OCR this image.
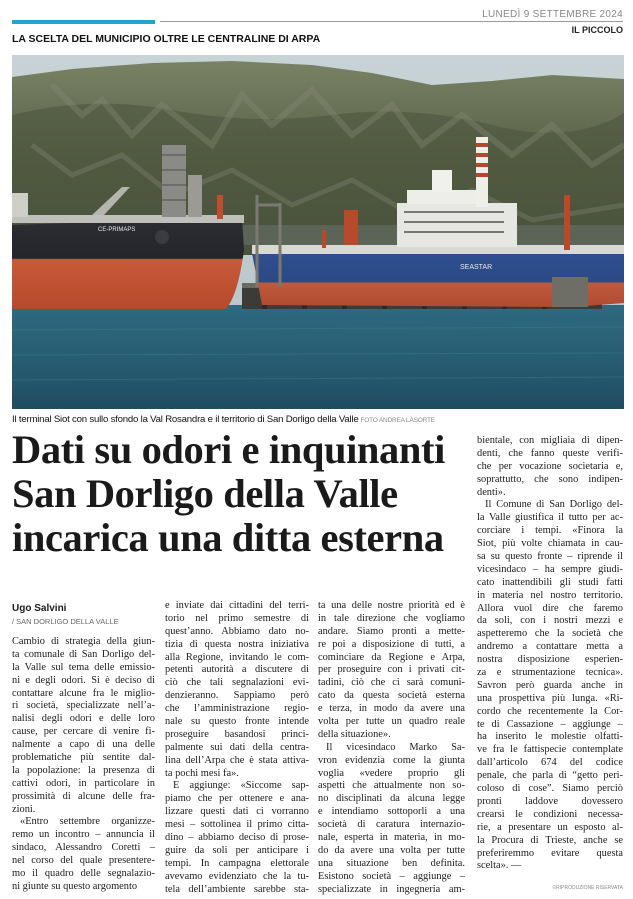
LUNEDÌ 9 SETTEMBRE 2024
IL PICCOLO
LA SCELTA DEL MUNICIPIO OLTRE LE CENTRALINE DI ARPA
SEASTAR
CE-PRIMAPS
Il terminal Siot con sullo sfondo la Val Rosandra e il territorio di San Dorligo della Valle FOTO ANDREA LASORTE
Dati su odori e inquinanti
San Dorligo della Valle
incarica una ditta esterna
Ugo Salvini
/ SAN DORLIGO DELLA VALLE
Cambio di strategia della giun-
ta comunale di San Dorligo del-
la Valle sul tema delle emissio-
ni e degli odori. Si è deciso di
contattare alcune fra le miglio-
ri società, specializzate nell’a-
nalisi degli odori e delle loro
cause, per cercare di venire fi-
nalmente a capo di una delle
problematiche più sentite dal-
la popolazione: la presenza di
cattivi odori, in particolare in
prossimità di alcune delle fra-
zioni.
«Entro settembre organizze-
remo un incontro – annuncia il
sindaco, Alessandro Coretti –
nel corso del quale presentere-
mo il quadro delle segnalazio-
ni giunte su questo argomento
e inviate dai cittadini del terri-
torio nel primo semestre di
quest’anno. Abbiamo dato no-
tizia di questa nostra iniziativa
alla Regione, invitando le com-
petenti autorità a discutere di
ciò che tali segnalazioni evi-
denzieranno. Sappiamo però
che l’amministrazione regio-
nale su questo fronte intende
proseguire basandosi princi-
palmente sui dati della centra-
lina dell’Arpa che è stata attiva-
ta pochi mesi fa».
E aggiunge: «Siccome sap-
piamo che per ottenere e ana-
lizzare questi dati ci vorranno
mesi – sottolinea il primo citta-
dino – abbiamo deciso di prose-
guire da soli per anticipare i
tempi. In campagna elettorale
avevamo evidenziato che la tu-
tela dell’ambiente sarebbe sta-
ta una delle nostre priorità ed è
in tale direzione che vogliamo
andare. Siamo pronti a mette-
re poi a disposizione di tutti, a
cominciare da Regione e Arpa,
per proseguire con i privati cit-
tadini, ciò che ci sarà comuni-
cato da questa società esterna
e terza, in modo da avere una
volta per tutte un quadro reale
della situazione».
Il vicesindaco Marko Sa-
vron evidenzia come la giunta
voglia «vedere proprio gli
aspetti che attualmente non so-
no disciplinati da alcuna legge
e intendiamo sottoporli a una
società di caratura internazio-
nale, esperta in materia, in mo-
do da avere una volta per tutte
una situazione ben definita.
Esistono società – aggiunge –
specializzate in ingegneria am-
bientale, con migliaia di dipen-
denti, che fanno queste verifi-
che per vocazione societaria e,
soprattutto, che sono indipen-
denti».
Il Comune di San Dorligo del-
la Valle giustifica il tutto per ac-
corciare i tempi. «Finora la
Siot, più volte chiamata in cau-
sa su questo fronte – riprende il
vicesindaco – ha sempre giudi-
cato inattendibili gli studi fatti
in materia nel nostro territorio.
Allora vuol dire che faremo
da soli, con i nostri mezzi e
aspetteremo che la società che
andremo a contattare metta a
nostra disposizione esperien-
za e strumentazione tecnica».
Savron però guarda anche in
una prospettiva più lunga. «Ri-
cordo che recentemente la Cor-
te di Cassazione – aggiunge –
ha inserito le molestie olfatti-
ve fra le fattispecie contemplate
dall’articolo 674 del codice
penale, che parla di “getto peri-
coloso di cose”. Siamo perciò
pronti laddove dovessero
crearsi le condizioni necessa-
rie, a presentare un esposto al-
la Procura di Trieste, anche se
preferiremmo evitare questa
scelta». —
©RIPRODUZIONE RISERVATA
